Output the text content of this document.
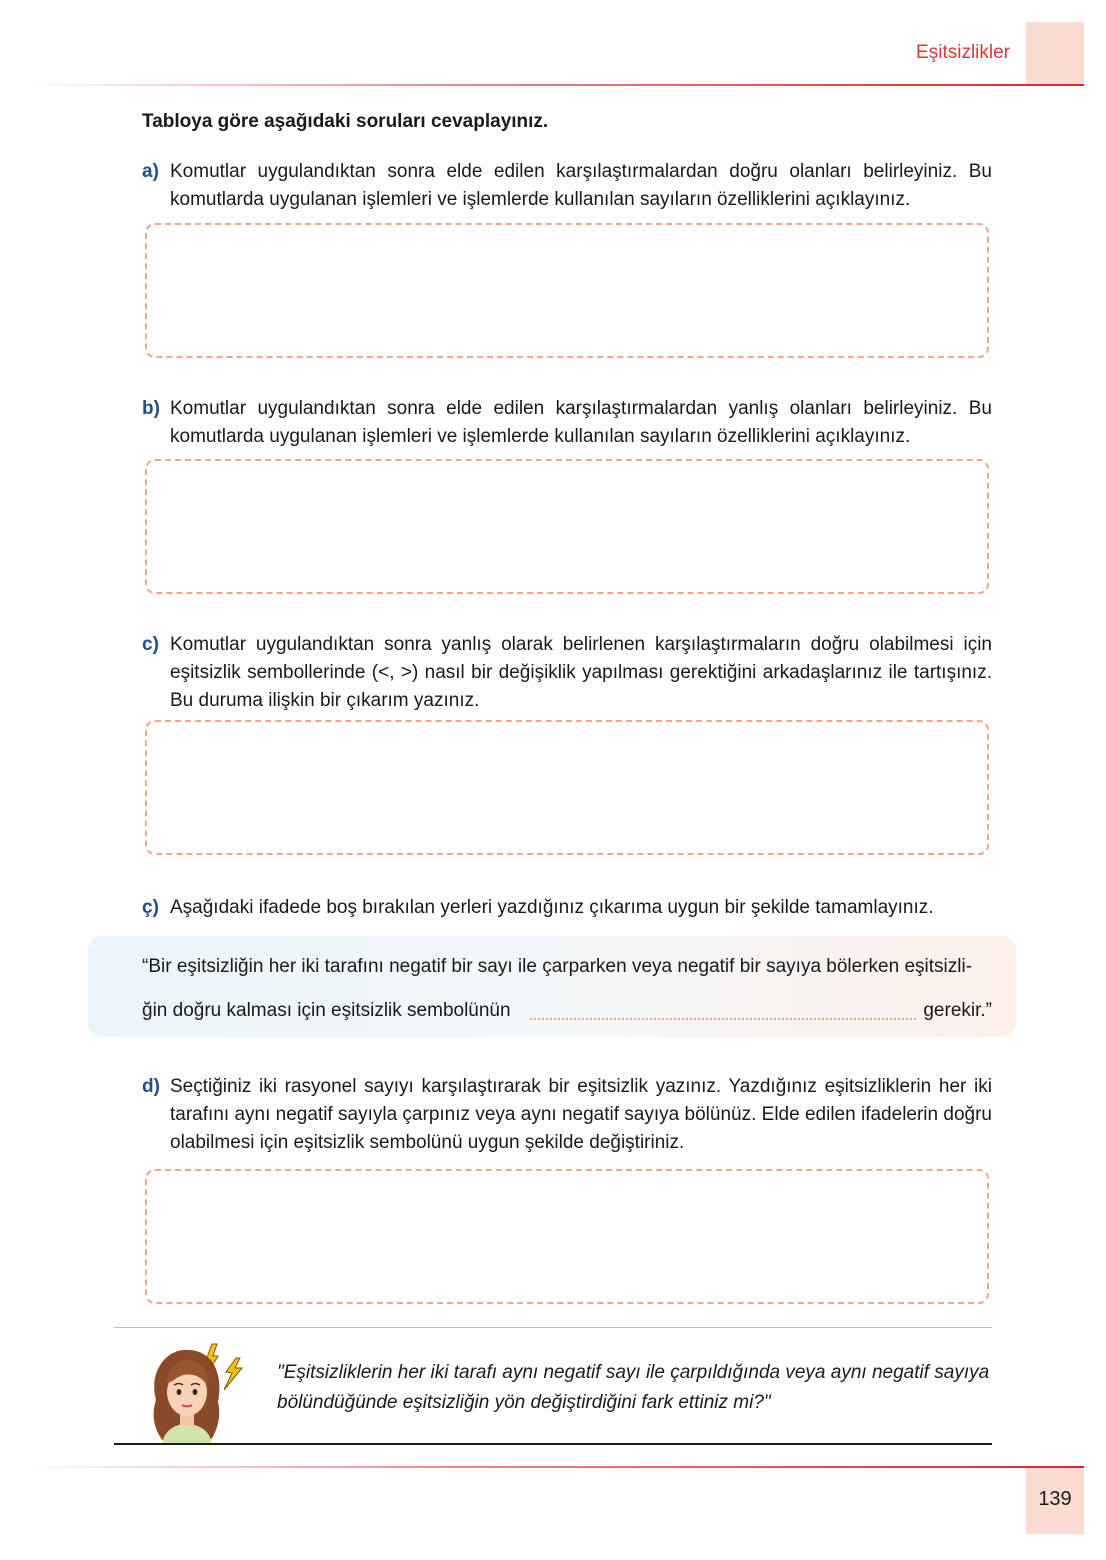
Eşitsizlikler
Tabloya göre aşağıdaki soruları cevaplayınız.
a) Komutlar uygulandıktan sonra elde edilen karşılaştırmalardan doğru olanları belirleyiniz. Bu komutlarda uygulanan işlemleri ve işlemlerde kullanılan sayıların özelliklerini açıklayınız.
b) Komutlar uygulandıktan sonra elde edilen karşılaştırmalardan yanlış olanları belirleyiniz. Bu komutlarda uygulanan işlemleri ve işlemlerde kullanılan sayıların özelliklerini açıklayınız.
c) Komutlar uygulandıktan sonra yanlış olarak belirlenen karşılaştırmaların doğru olabilmesi için eşitsizlik sembollerinde (<, >) nasıl bir değişiklik yapılması gerektiğini arkadaşlarınız ile tartışınız. Bu duruma ilişkin bir çıkarım yazınız.
ç) Aşağıdaki ifadede boş bırakılan yerleri yazdığınız çıkarıma uygun bir şekilde tamamlayınız.
“Bir eşitsizliğin her iki tarafını negatif bir sayı ile çarparken veya negatif bir sayıya bölerken eşitsizli-
ğin doğru kalması için eşitsizlik sembolünün	gerekir.”
d) Seçtiğiniz iki rasyonel sayıyı karşılaştırarak bir eşitsizlik yazınız. Yazdığınız eşitsizliklerin her iki tarafını aynı negatif sayıyla çarpınız veya aynı negatif sayıya bölünüz. Elde edilen ifadelerin doğru olabilmesi için eşitsizlik sembolünü uygun şekilde değiştiriniz.
"Eşitsizliklerin her iki tarafı aynı negatif sayı ile çarpıldığında veya aynı negatif sayıya bölündüğünde eşitsizliğin yön değiştirdiğini fark ettiniz mi?"
139
